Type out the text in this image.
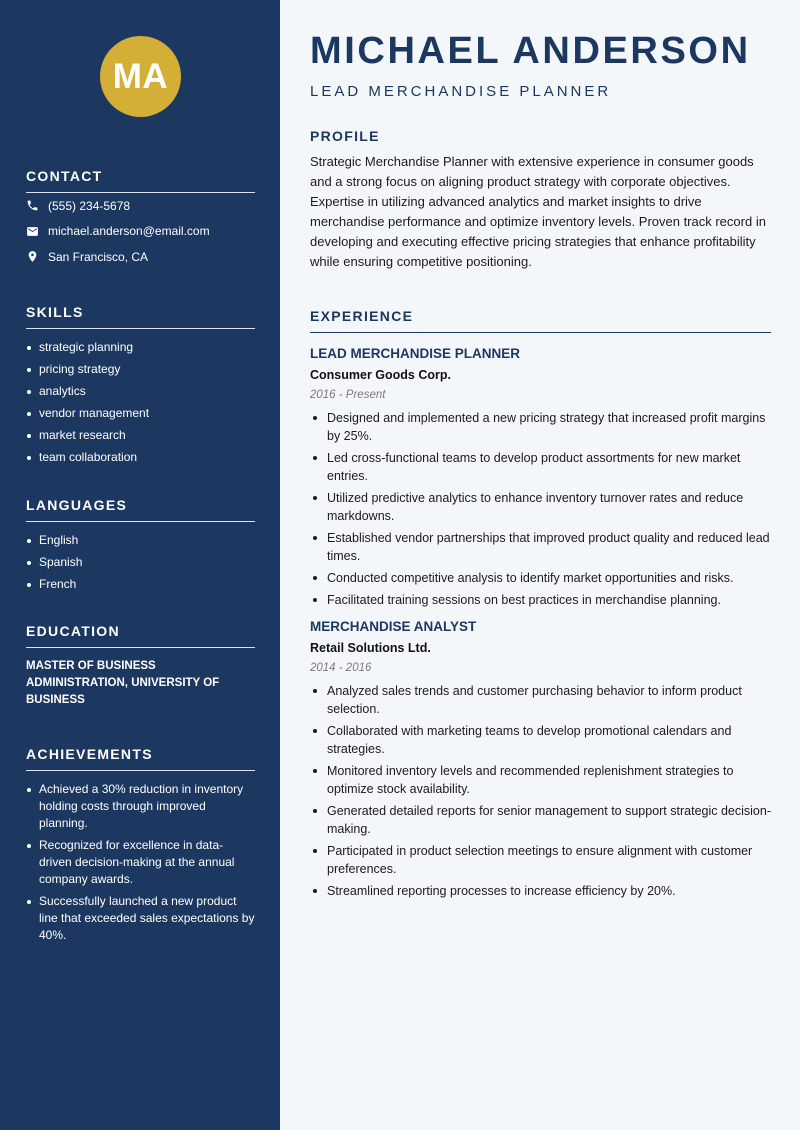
MA
CONTACT
(555) 234-5678
michael.anderson@email.com
San Francisco, CA
SKILLS
strategic planning
pricing strategy
analytics
vendor management
market research
team collaboration
LANGUAGES
English
Spanish
French
EDUCATION
MASTER OF BUSINESS ADMINISTRATION, UNIVERSITY OF BUSINESS
ACHIEVEMENTS
Achieved a 30% reduction in inventory holding costs through improved planning.
Recognized for excellence in data-driven decision-making at the annual company awards.
Successfully launched a new product line that exceeded sales expectations by 40%.
MICHAEL ANDERSON
LEAD MERCHANDISE PLANNER
PROFILE
Strategic Merchandise Planner with extensive experience in consumer goods and a strong focus on aligning product strategy with corporate objectives. Expertise in utilizing advanced analytics and market insights to drive merchandise performance and optimize inventory levels. Proven track record in developing and executing effective pricing strategies that enhance profitability while ensuring competitive positioning.
EXPERIENCE
LEAD MERCHANDISE PLANNER
Consumer Goods Corp.
2016 - Present
Designed and implemented a new pricing strategy that increased profit margins by 25%.
Led cross-functional teams to develop product assortments for new market entries.
Utilized predictive analytics to enhance inventory turnover rates and reduce markdowns.
Established vendor partnerships that improved product quality and reduced lead times.
Conducted competitive analysis to identify market opportunities and risks.
Facilitated training sessions on best practices in merchandise planning.
MERCHANDISE ANALYST
Retail Solutions Ltd.
2014 - 2016
Analyzed sales trends and customer purchasing behavior to inform product selection.
Collaborated with marketing teams to develop promotional calendars and strategies.
Monitored inventory levels and recommended replenishment strategies to optimize stock availability.
Generated detailed reports for senior management to support strategic decision-making.
Participated in product selection meetings to ensure alignment with customer preferences.
Streamlined reporting processes to increase efficiency by 20%.
